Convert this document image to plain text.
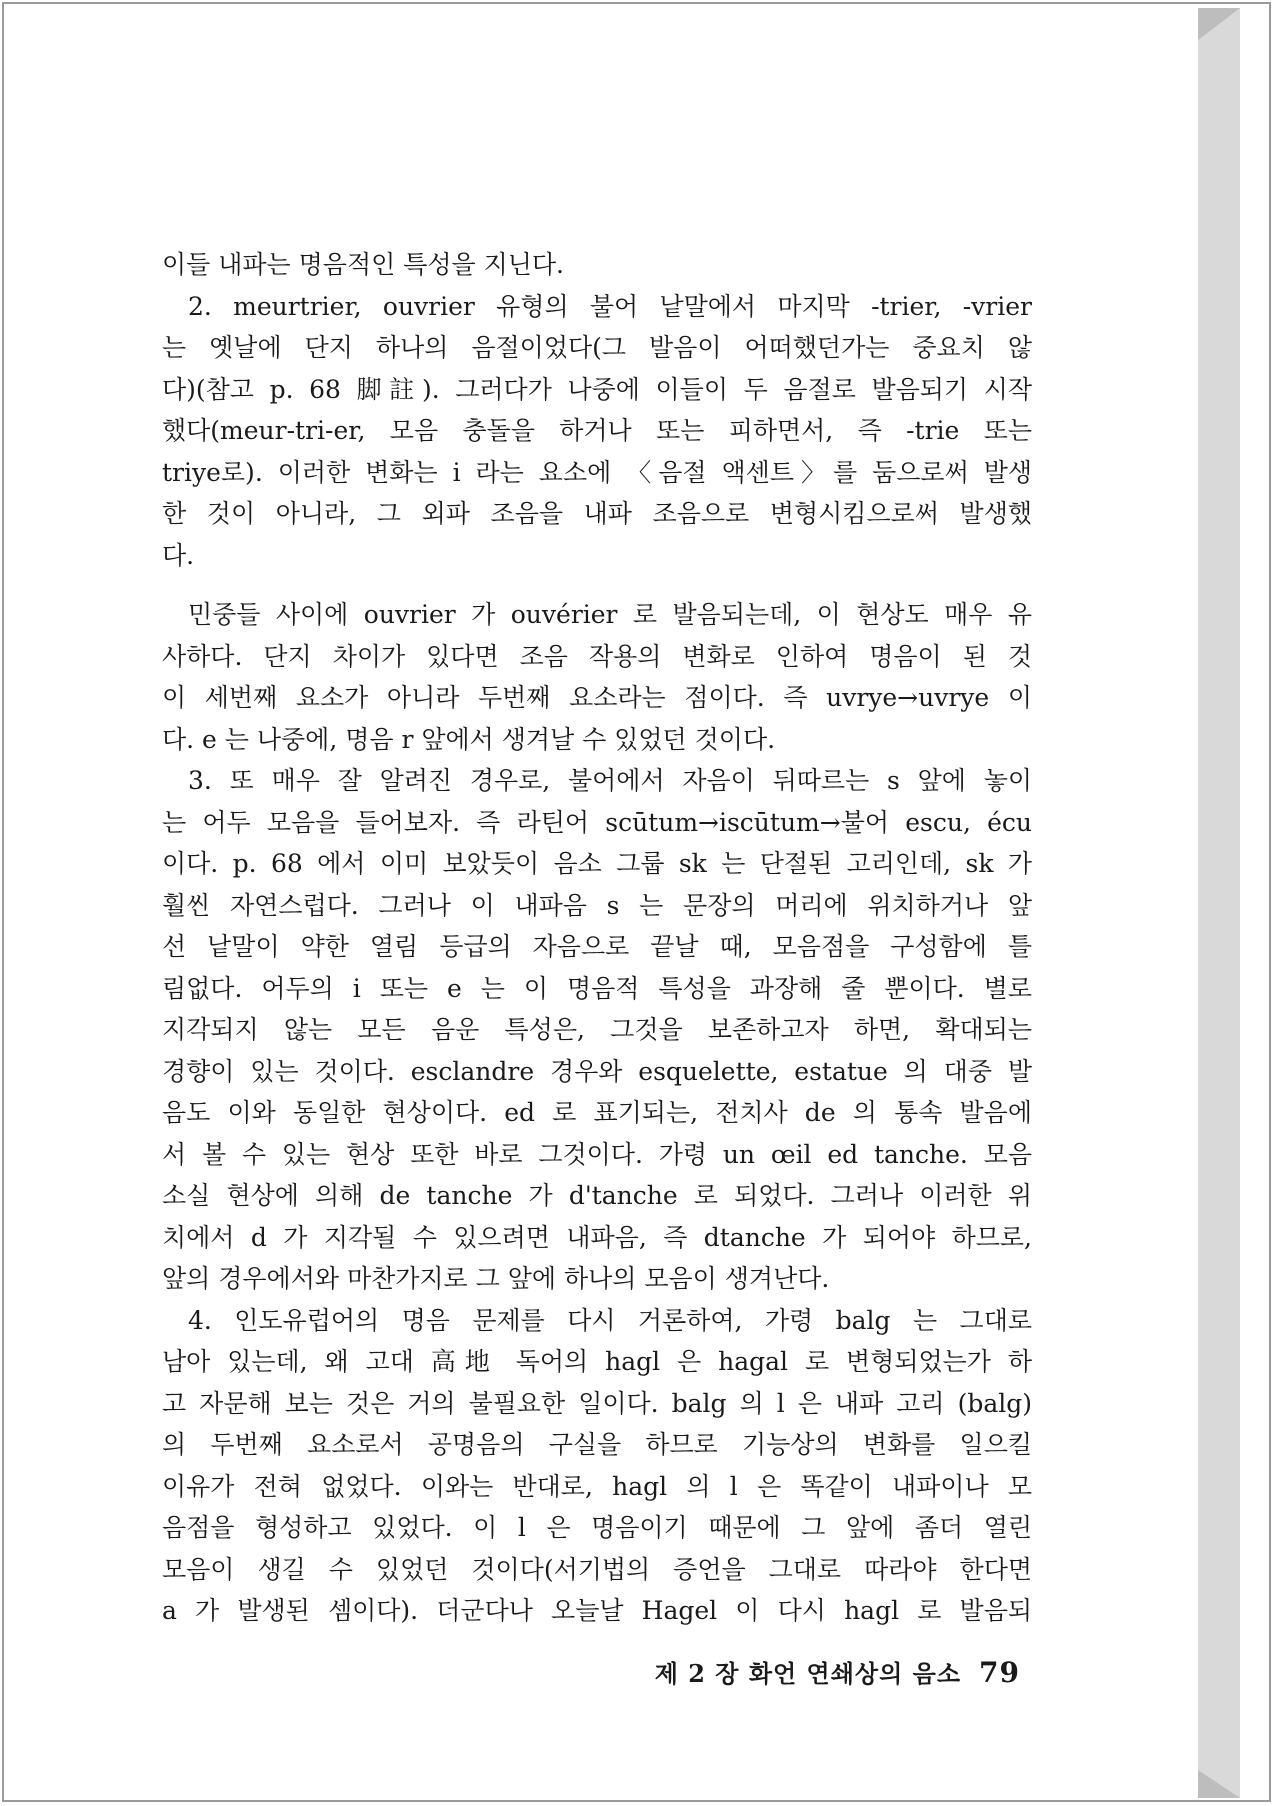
이들 내파는 명음적인 특성을 지닌다.
2. meurtrier, ouvrier 유형의 불어 낱말에서 마지막 -trier, -vrier
는 옛날에 단지 하나의 음절이었다(그 발음이 어떠했던가는 중요치 않
다)(참고 p. 68 脚註). 그러다가 나중에 이들이 두 음절로 발음되기 시작
했다(meur-tri-er, 모음 충돌을 하거나 또는 피하면서, 즉 -trie 또는
triye로). 이러한 변화는 i 라는 요소에 〈음절 액센트〉를 둠으로써 발생
한 것이 아니라, 그 외파 조음을 내파 조음으로 변형시킴으로써 발생했
다.
민중들 사이에 ouvrier 가 ouvérier 로 발음되는데, 이 현상도 매우 유
사하다. 단지 차이가 있다면 조음 작용의 변화로 인하여 명음이 된 것
이 세번째 요소가 아니라 두번째 요소라는 점이다. 즉 uvrye→uvrye 이
다. e 는 나중에, 명음 r 앞에서 생겨날 수 있었던 것이다.
3. 또 매우 잘 알려진 경우로, 불어에서 자음이 뒤따르는 s 앞에 놓이
는 어두 모음을 들어보자. 즉 라틴어 scūtum→iscūtum→불어 escu, écu
이다. p. 68 에서 이미 보았듯이 음소 그룹 sk 는 단절된 고리인데, sk 가
훨씬 자연스럽다. 그러나 이 내파음 s 는 문장의 머리에 위치하거나 앞
선 낱말이 약한 열림 등급의 자음으로 끝날 때, 모음점을 구성함에 틀
림없다. 어두의 i 또는 e 는 이 명음적 특성을 과장해 줄 뿐이다. 별로
지각되지 않는 모든 음운 특성은, 그것을 보존하고자 하면, 확대되는
경향이 있는 것이다. esclandre 경우와 esquelette, estatue 의 대중 발
음도 이와 동일한 현상이다. ed 로 표기되는, 전치사 de 의 통속 발음에
서 볼 수 있는 현상 또한 바로 그것이다. 가령 un œil ed tanche. 모음
소실 현상에 의해 de tanche 가 d'tanche 로 되었다. 그러나 이러한 위
치에서 d 가 지각될 수 있으려면 내파음, 즉 dtanche 가 되어야 하므로,
앞의 경우에서와 마찬가지로 그 앞에 하나의 모음이 생겨난다.
4. 인도유럽어의 명음 문제를 다시 거론하여, 가령 balg 는 그대로
남아 있는데, 왜 고대 高地 독어의 hagl 은 hagal 로 변형되었는가 하
고 자문해 보는 것은 거의 불필요한 일이다. balg 의 l 은 내파 고리 (balg)
의 두번째 요소로서 공명음의 구실을 하므로 기능상의 변화를 일으킬
이유가 전혀 없었다. 이와는 반대로, hagl 의 l 은 똑같이 내파이나 모
음점을 형성하고 있었다. 이 l 은 명음이기 때문에 그 앞에 좀더 열린
모음이 생길 수 있었던 것이다(서기법의 증언을 그대로 따라야 한다면
a 가 발생된 셈이다). 더군다나 오늘날 Hagel 이 다시 hagl 로 발음되
제 2 장 화언 연쇄상의 음소 79
